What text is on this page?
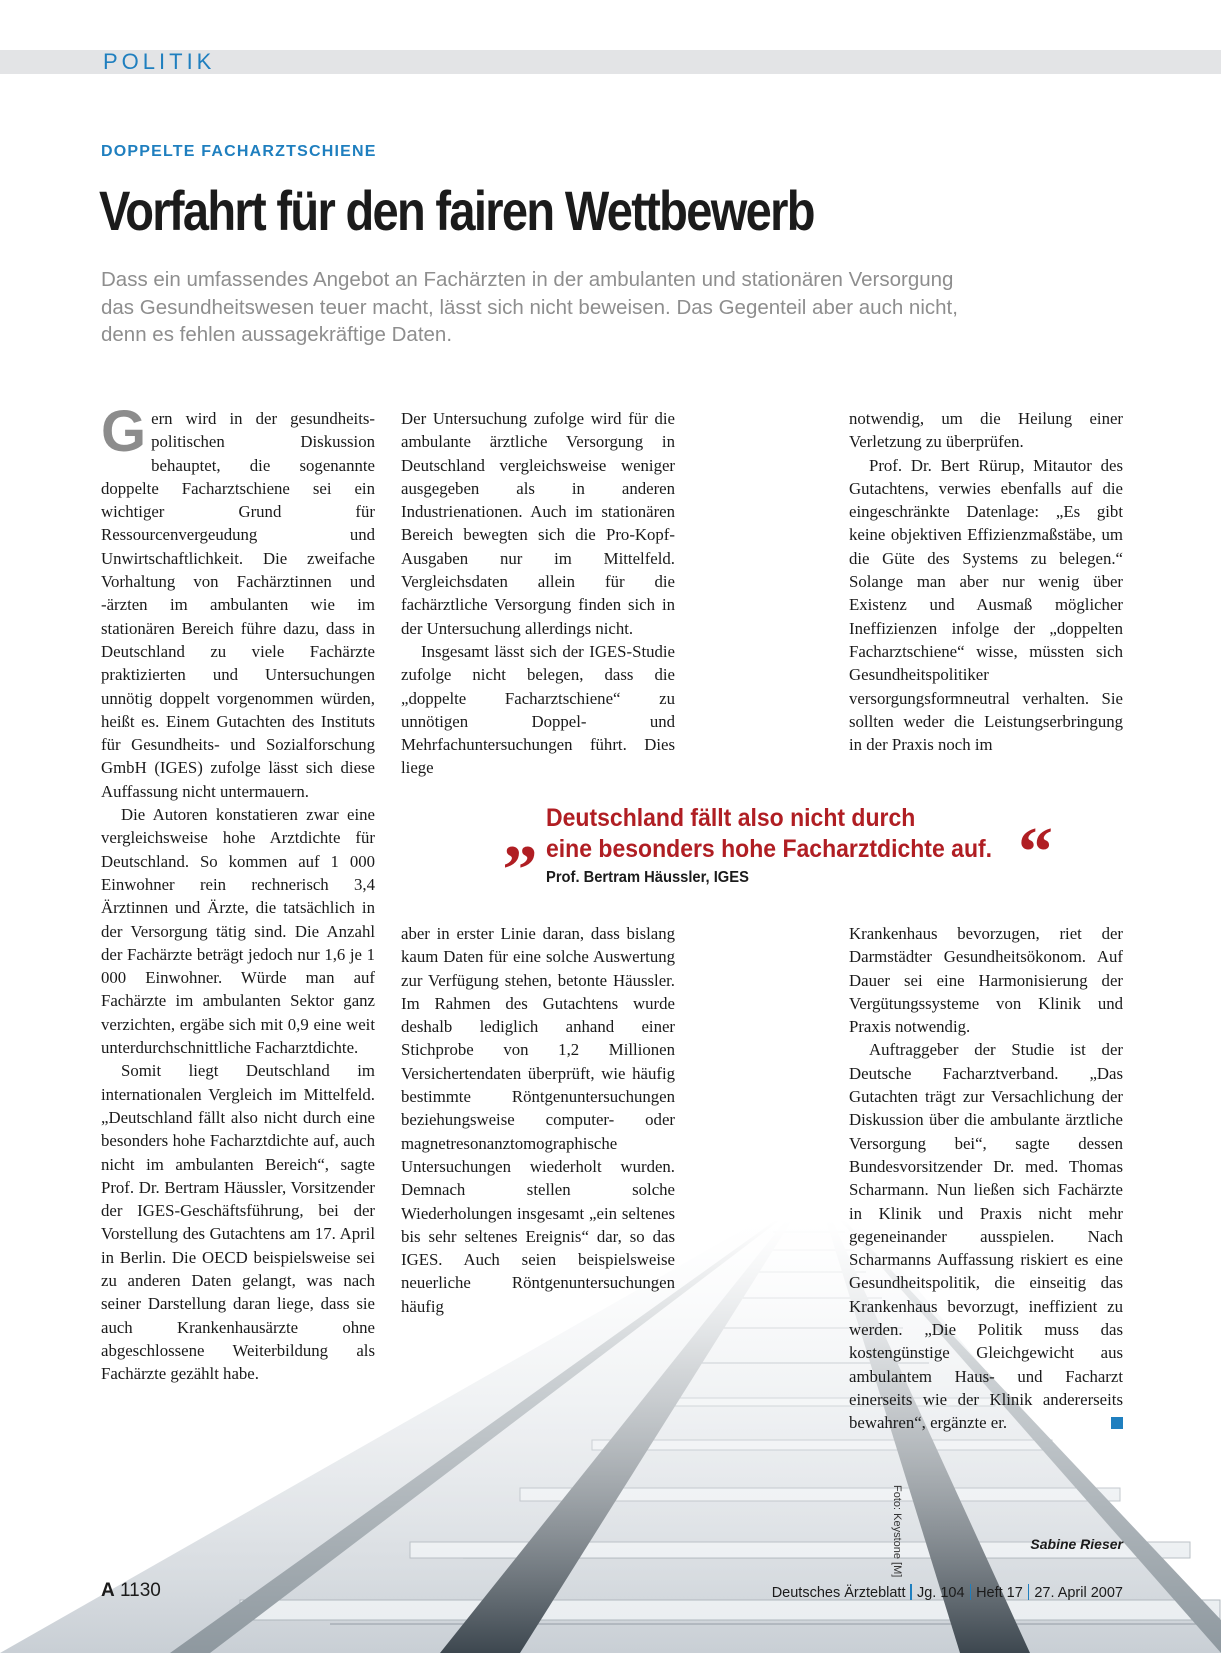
POLITIK
DOPPELTE FACHARZTSCHIENE
Vorfahrt für den fairen Wettbewerb

Dass ein umfassendes Angebot an Fachärzten in der ambulanten und stationären Versorgung das Gesundheitswesen teuer macht, lässt sich nicht beweisen. Das Gegenteil aber auch nicht, denn es fehlen aussagekräftige Daten.

Gern wird in der gesundheits-politischen Diskussion behauptet, die sogenannte doppelte Facharztschiene sei ein wichtiger Grund für Ressourcenvergeudung und Unwirtschaftlichkeit. Die zweifache Vorhaltung von Fachärztinnen und -ärzten im ambulanten wie im stationären Bereich führe dazu, dass in Deutschland zu viele Fachärzte praktizierten und Untersuchungen unnötig doppelt vorgenommen würden, heißt es. Einem Gutachten des Instituts für Gesundheits- und Sozialforschung GmbH (IGES) zufolge lässt sich diese Auffassung nicht untermauern.

Die Autoren konstatieren zwar eine vergleichsweise hohe Arztdichte für Deutschland. So kommen auf 1 000 Einwohner rein rechnerisch 3,4 Ärztinnen und Ärzte, die tatsächlich in der Versorgung tätig sind. Die Anzahl der Fachärzte beträgt jedoch nur 1,6 je 1 000 Einwohner. Würde man auf Fachärzte im ambulanten Sektor ganz verzichten, ergäbe sich mit 0,9 eine weit unterdurchschnittliche Facharztdichte.

Somit liegt Deutschland im internationalen Vergleich im Mittelfeld. „Deutschland fällt also nicht durch eine besonders hohe Facharztdichte auf, auch nicht im ambulanten Bereich“, sagte Prof. Dr. Bertram Häussler, Vorsitzender der IGES-Geschäftsführung, bei der Vorstellung des Gutachtens am 17. April in Berlin. Die OECD beispielsweise sei zu anderen Daten gelangt, was nach seiner Darstellung daran liege, dass sie auch Krankenhausärzte ohne abgeschlossene Weiterbildung als Fachärzte gezählt habe.

Der Untersuchung zufolge wird für die ambulante ärztliche Versorgung in Deutschland vergleichsweise weniger ausgegeben als in anderen Industrienationen. Auch im stationären Bereich bewegten sich die Pro-Kopf-Ausgaben nur im Mittelfeld. Vergleichsdaten allein für die fachärztliche Versorgung finden sich in der Untersuchung allerdings nicht.

Insgesamt lässt sich der IGES-Studie zufolge nicht belegen, dass die „doppelte Facharztschiene“ zu unnötigen Doppel- und Mehrfachuntersuchungen führt. Dies liege

notwendig, um die Heilung einer Verletzung zu überprüfen.

Prof. Dr. Bert Rürup, Mitautor des Gutachtens, verwies ebenfalls auf die eingeschränkte Datenlage: „Es gibt keine objektiven Effizienzmaßstäbe, um die Güte des Systems zu belegen.“ Solange man aber nur wenig über Existenz und Ausmaß möglicher Ineffizienzen infolge der „doppelten Facharztschiene“ wisse, müssten sich Gesundheitspolitiker versorgungsformneutral verhalten. Sie sollten weder die Leistungserbringung in der Praxis noch im

„ Deutschland fällt also nicht durch
eine besonders hohe Facharztdichte auf. “
Prof. Bertram Häussler, IGES

aber in erster Linie daran, dass bislang kaum Daten für eine solche Auswertung zur Verfügung stehen, betonte Häussler. Im Rahmen des Gutachtens wurde deshalb lediglich anhand einer Stichprobe von 1,2 Millionen Versichertendaten überprüft, wie häufig bestimmte Röntgenuntersuchungen beziehungsweise computer- oder magnetresonanztomographische Untersuchungen wiederholt wurden. Demnach stellen solche Wiederholungen insgesamt „ein seltenes bis sehr seltenes Ereignis“ dar, so das IGES. Auch seien beispielsweise neuerliche Röntgenuntersuchungen häufig

Krankenhaus bevorzugen, riet der Darmstädter Gesundheitsökonom. Auf Dauer sei eine Harmonisierung der Vergütungssysteme von Klinik und Praxis notwendig.

Auftraggeber der Studie ist der Deutsche Facharztverband. „Das Gutachten trägt zur Versachlichung der Diskussion über die ambulante ärztliche Versorgung bei“, sagte dessen Bundesvorsitzender Dr. med. Thomas Scharmann. Nun ließen sich Fachärzte in Klinik und Praxis nicht mehr gegeneinander ausspielen. Nach Scharmanns Auffassung riskiert es eine Gesundheitspolitik, die einseitig das Krankenhaus bevorzugt, ineffizient zu werden. „Die Politik muss das kostengünstige Gleichgewicht aus ambulantem Haus- und Facharzt einerseits wie der Klinik andererseits bewahren“, ergänzte er.

Sabine Rieser
Foto: Keystone [M]
A 1130	Deutsches Ärzteblatt Jg. 104 Heft 17 27. April 2007
